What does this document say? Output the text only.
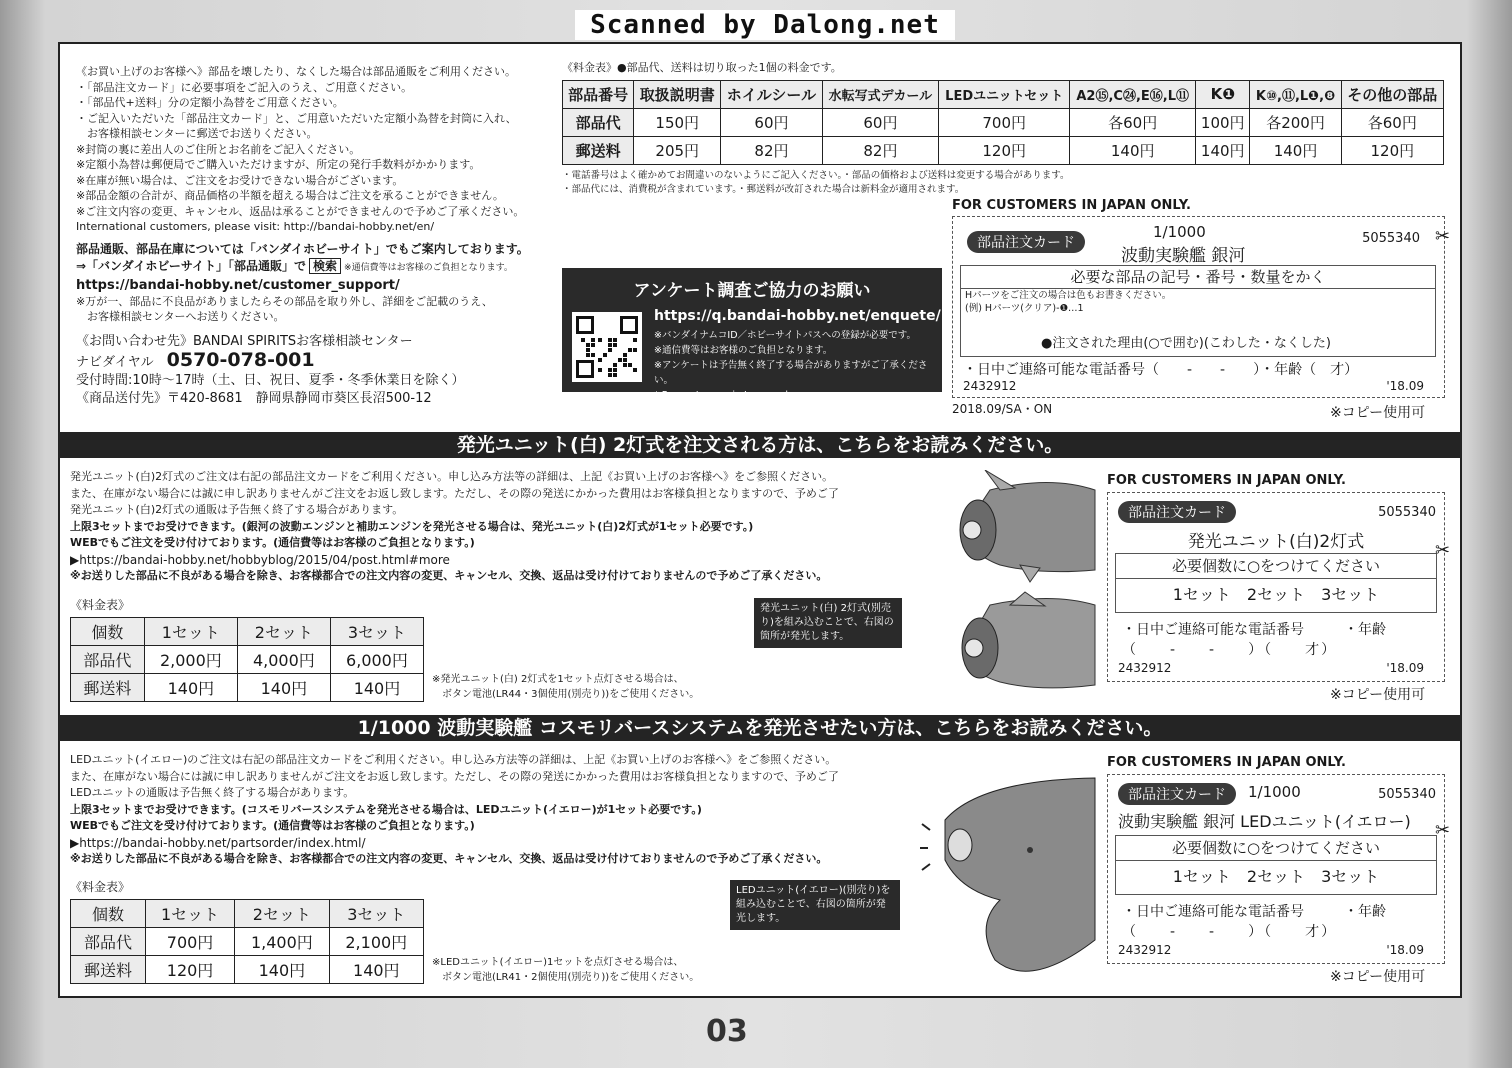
Scanned by Dalong.net
《お買い上げのお客様へ》部品を壊したり、なくした場合は部品通販をご利用ください。
・「部品注文カード」に必要事項をご記入のうえ、ご用意ください。
・「部品代+送料」分の定額小為替をご用意ください。
・ご記入いただいた「部品注文カード」と、ご用意いただいた定額小為替を封筒に入れ、
　お客様相談センターに郵送でお送りください。
※封筒の裏に差出人のご住所とお名前をご記入ください。
※定額小為替は郵便局でご購入いただけますが、所定の発行手数料がかかります。
※在庫が無い場合は、ご注文をお受けできない場合がございます。
※部品金額の合計が、商品価格の半額を超える場合はご注文を承ることができません。
※ご注文内容の変更、キャンセル、返品は承ることができませんので予めご了承ください。
International customers, please visit: http://bandai-hobby.net/en/
部品通販、部品在庫については「バンダイホビーサイト」でもご案内しております。
⇒「バンダイホビーサイト」「部品通販」で 検索 ※通信費等はお客様のご負担となります。
https://bandai-hobby.net/customer_support/
※万が一、部品に不良品がありましたらその部品を取り外し、詳細をご記載のうえ、
　お客様相談センターへお送りください。
《お問い合わせ先》BANDAI SPIRITSお客様相談センター
ナビダイヤル　 0570-078-001
受付時間:10時〜17時（土、日、祝日、夏季・冬季休業日を除く）
《商品送付先》〒420-8681　静岡県静岡市葵区長沼500-12
《料金表》●部品代、送料は切り取った1個の料金です。
部品番号	取扱説明書	ホイルシール	水転写式デカール	LEDユニットセット	A2⑮,C㉔,E⑯,L⑪	K❶	K⑩,⑪,L❶,❽	その他の部品
部品代	150円	60円	60円	700円	各60円	100円	各200円	各60円
郵送料	205円	82円	82円	120円	140円	140円	140円	120円
・電話番号はよく確かめてお間違いのないようにご記入ください。・部品の価格および送料は変更する場合があります。
・部品代には、消費税が含まれています。・郵送料が改訂された場合は新料金が適用されます。
アンケート調査ご協力のお願い
https://q.bandai-hobby.net/enquete/
※バンダイナムコID／ホビーサイトパスへの登録が必要です。
※通信費等はお客様のご負担となります。
※アンケートは予告無く終了する場合がありますがご了承ください。
* For customers in Japan only.
FOR CUSTOMERS IN JAPAN ONLY.
部品注文カード
1/1000
波動実験艦 銀河
5055340
必要な部品の記号・番号・数量をかく
Hパーツをご注文の場合は色もお書きください。
(例) Hパーツ(クリア)-❶…1
●注文された理由(○で囲む)(こわした・なくした)
・日中ご連絡可能な電話番号（　　-　　-　　）・年齢（　才）
2432912	'18.09
✂
2018.09/SA・ON	※コピー使用可
発光ユニット(白) 2灯式を注文される方は、こちらをお読みください。
発光ユニット(白)2灯式のご注文は右記の部品注文カードをご利用ください。申し込み方法等の詳細は、上記《お買い上げのお客様へ》をご参照ください。
また、在庫がない場合には誠に申し訳ありませんがご注文をお返し致します。ただし、その際の発送にかかった費用はお客様負担となりますので、予めご了
発光ユニット(白)2灯式の通販は予告無く終了する場合があります。
上限3セットまでお受けできます。(銀河の波動エンジンと補助エンジンを発光させる場合は、発光ユニット(白)2灯式が1セット必要です。)
WEBでもご注文を受け付けております。(通信費等はお客様のご負担となります。)
▶https://bandai-hobby.net/hobbyblog/2015/04/post.html#more
※お送りした部品に不良がある場合を除き、お客様都合での注文内容の変更、キャンセル、交換、返品は受け付けておりませんので予めご了承ください。
《料金表》
個数	1セット	2セット	3セット
部品代	2,000円	4,000円	6,000円
郵送料	140円	140円	140円	※発光ユニット(白) 2灯式を1セット点灯させる場合は、
　ボタン電池(LR44・3個使用(別売り))をご使用ください。
発光ユニット(白) 2灯式(別売り)を組み込むことで、右図の箇所が発光します。
FOR CUSTOMERS IN JAPAN ONLY.
部品注文カード	5055340
発光ユニット(白)2灯式
必要個数に○をつけてください
1セット　2セット　3セット
・日中ご連絡可能な電話番号	・年齢
（　　-　　-　　）（　　才）
2432912	'18.09
✂
※コピー使用可
1/1000 波動実験艦 コスモリバースシステムを発光させたい方は、こちらをお読みください。
LEDユニット(イエロー)のご注文は右記の部品注文カードをご利用ください。申し込み方法等の詳細は、上記《お買い上げのお客様へ》をご参照ください。
また、在庫がない場合には誠に申し訳ありませんがご注文をお返し致します。ただし、その際の発送にかかった費用はお客様負担となりますので、予めご了
LEDユニットの通販は予告無く終了する場合があります。
上限3セットまでお受けできます。(コスモリバースシステムを発光させる場合は、LEDユニット(イエロー)が1セット必要です。)
WEBでもご注文を受け付けております。(通信費等はお客様のご負担となります。)
▶https://bandai-hobby.net/partsorder/index.html/
※お送りした部品に不良がある場合を除き、お客様都合での注文内容の変更、キャンセル、交換、返品は受け付けておりませんので予めご了承ください。
《料金表》
個数	1セット	2セット	3セット
部品代	700円	1,400円	2,100円
郵送料	120円	140円	140円	※LEDユニット(イエロー)1セットを点灯させる場合は、
　ボタン電池(LR41・2個使用(別売り))をご使用ください。
LEDユニット(イエロー)(別売り)を組み込むことで、右図の箇所が発光します。
FOR CUSTOMERS IN JAPAN ONLY.
部品注文カード	1/1000	5055340
波動実験艦 銀河 LEDユニット(イエロー)
必要個数に○をつけてください
1セット　2セット　3セット
・日中ご連絡可能な電話番号	・年齢
（　　-　　-　　）（　　才）
2432912	'18.09
✂
※コピー使用可
03
